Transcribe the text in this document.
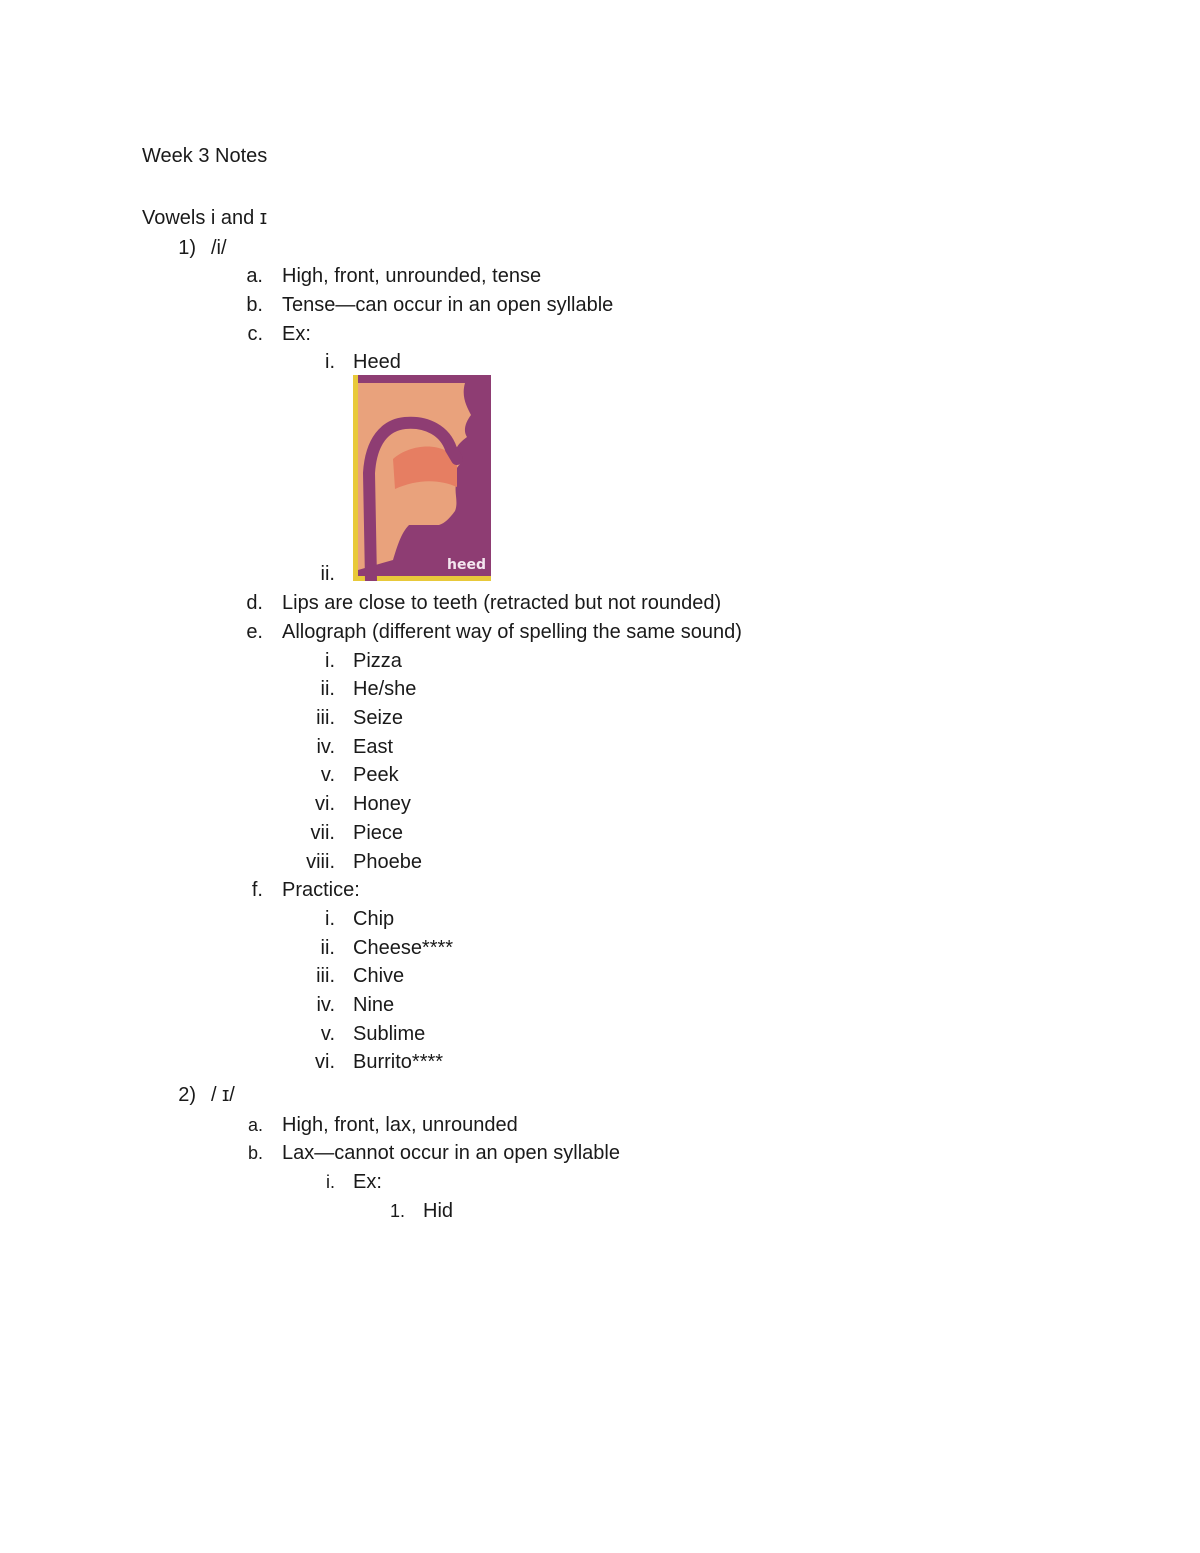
Week 3 Notes
Vowels i and ɪ
1) /i/
a. High, front, unrounded, tense
b. Tense—can occur in an open syllable
c. Ex:
i. Heed
heed
ii.
d. Lips are close to teeth (retracted but not rounded)
e. Allograph (different way of spelling the same sound)
i. Pizza
ii. He/she
iii. Seize
iv. East
v. Peek
vi. Honey
vii. Piece
viii. Phoebe
f. Practice:
i. Chip
ii. Cheese****
iii. Chive
iv. Nine
v. Sublime
vi. Burrito****
2) / ɪ/
a. High, front, lax, unrounded
b. Lax—cannot occur in an open syllable
i. Ex:
1. Hid
